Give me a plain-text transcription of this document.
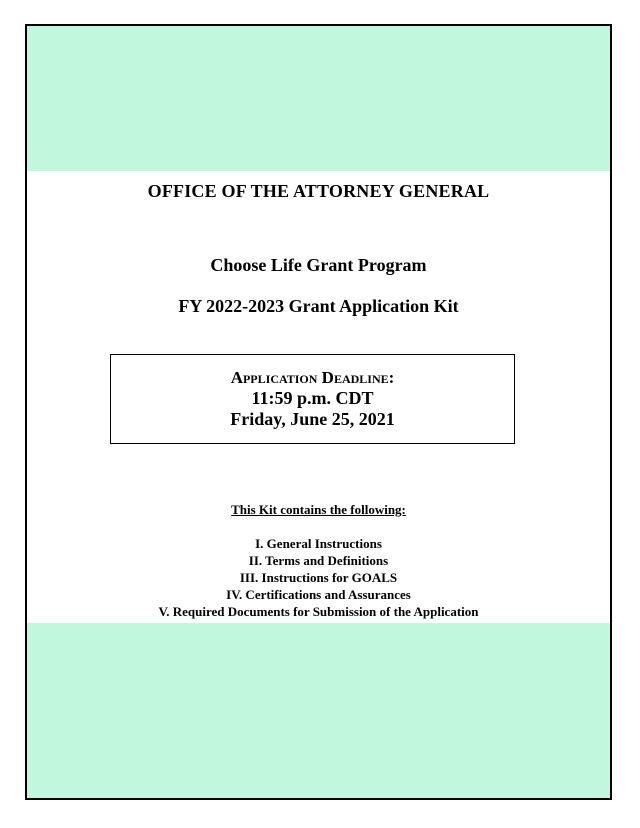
OFFICE OF THE ATTORNEY GENERAL
Choose Life Grant Program
FY 2022-2023 Grant Application Kit
Application Deadline:
11:59 p.m. CDT
Friday, June 25, 2021
This Kit contains the following:
I. General Instructions
II. Terms and Definitions
III. Instructions for GOALS
IV. Certifications and Assurances
V. Required Documents for Submission of the Application
